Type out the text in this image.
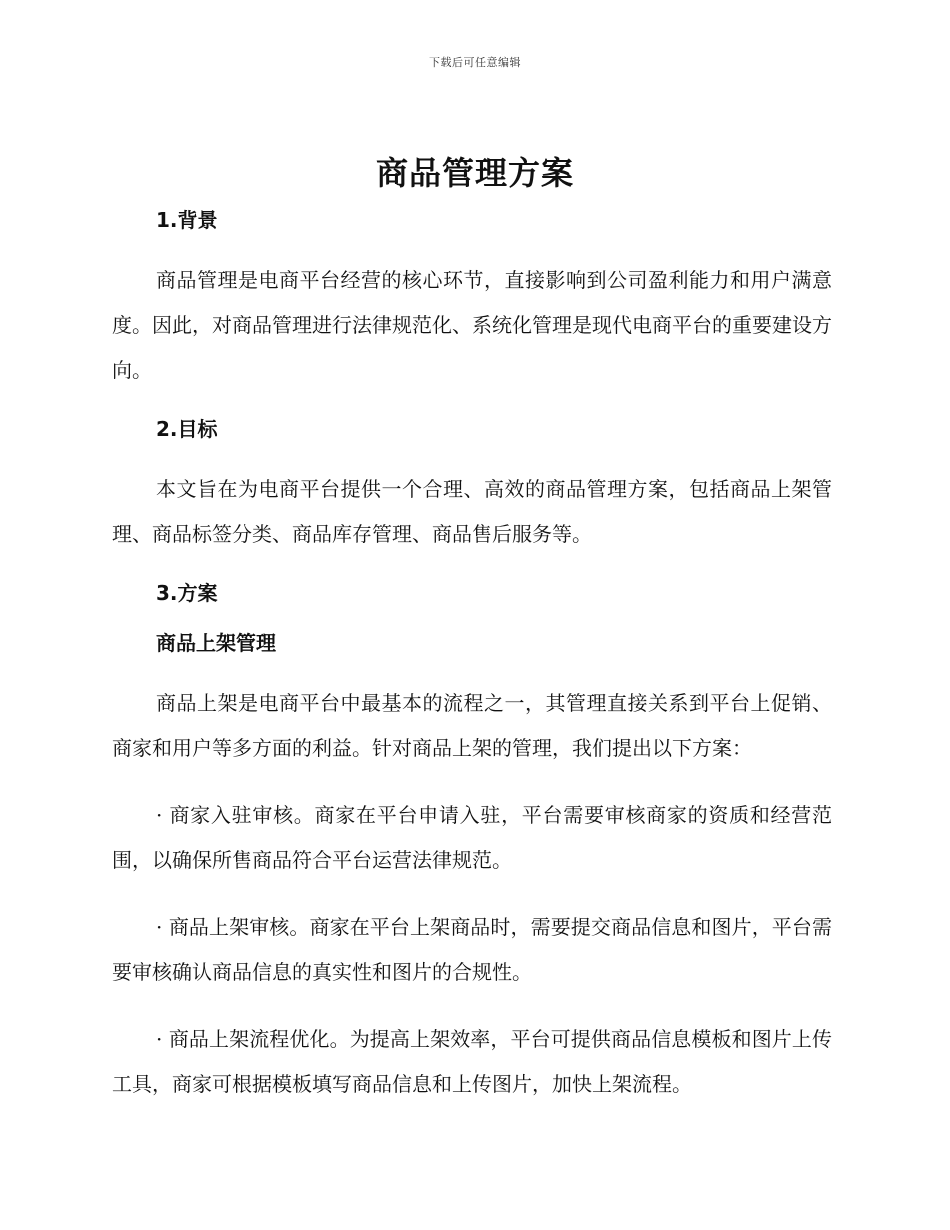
下载后可任意编辑
商品管理方案
1.背景

商品管理是电商平台经营的核心环节，直接影响到公司盈利能力和用户满意度。因此，对商品管理进行法律规范化、系统化管理是现代电商平台的重要建设方向。

2.目标

本文旨在为电商平台提供一个合理、高效的商品管理方案，包括商品上架管理、商品标签分类、商品库存管理、商品售后服务等。

3.方案
商品上架管理

商品上架是电商平台中最基本的流程之一，其管理直接关系到平台上促销、商家和用户等多方面的利益。针对商品上架的管理，我们提出以下方案：

· 商家入驻审核。商家在平台申请入驻，平台需要审核商家的资质和经营范围，以确保所售商品符合平台运营法律规范。

· 商品上架审核。商家在平台上架商品时，需要提交商品信息和图片，平台需要审核确认商品信息的真实性和图片的合规性。

· 商品上架流程优化。为提高上架效率，平台可提供商品信息模板和图片上传工具，商家可根据模板填写商品信息和上传图片，加快上架流程。
